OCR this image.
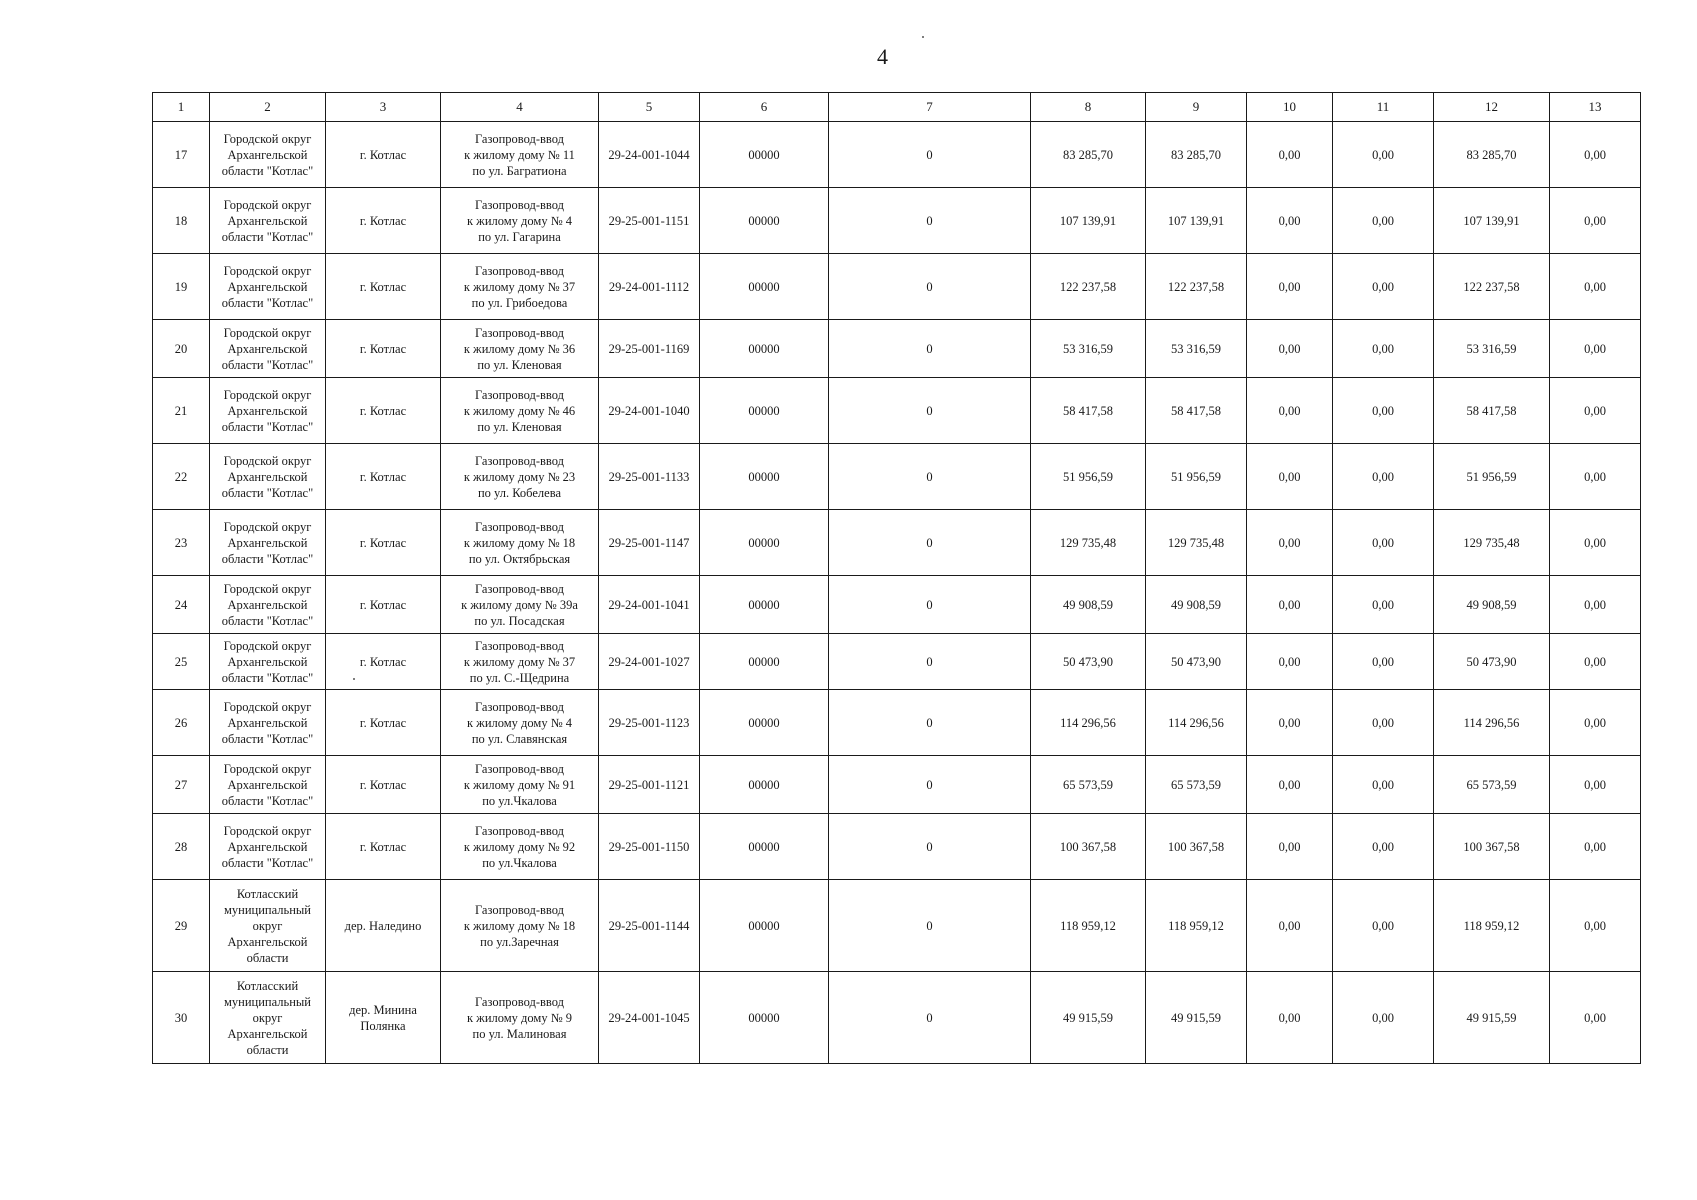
4
1	2	3	4	5	6	7	8	9	10	11	12	13

17	Городской округ
Архангельской
области "Котлас"	г. Котлас	Газопровод-ввод
к жилому дому № 11
по ул. Багратиона	29-24-001-1044	00000	0	83 285,70	83 285,70	0,00	0,00	83 285,70	0,00

18	Городской округ
Архангельской
области "Котлас"	г. Котлас	Газопровод-ввод
к жилому дому № 4
по ул. Гагарина	29-25-001-1151	00000	0	107 139,91	107 139,91	0,00	0,00	107 139,91	0,00

19	Городской округ
Архангельской
области "Котлас"	г. Котлас	Газопровод-ввод
к жилому дому № 37
по ул. Грибоедова	29-24-001-1112	00000	0	122 237,58	122 237,58	0,00	0,00	122 237,58	0,00

20	Городской округ
Архангельской
области "Котлас"	г. Котлас	Газопровод-ввод
к жилому дому № 36
по ул. Кленовая	29-25-001-1169	00000	0	53 316,59	53 316,59	0,00	0,00	53 316,59	0,00

21	Городской округ
Архангельской
области "Котлас"	г. Котлас	Газопровод-ввод
к жилому дому № 46
по ул. Кленовая	29-24-001-1040	00000	0	58 417,58	58 417,58	0,00	0,00	58 417,58	0,00

22	Городской округ
Архангельской
области "Котлас"	г. Котлас	Газопровод-ввод
к жилому дому № 23
по ул. Кобелева	29-25-001-1133	00000	0	51 956,59	51 956,59	0,00	0,00	51 956,59	0,00

23	Городской округ
Архангельской
области "Котлас"	г. Котлас	Газопровод-ввод
к жилому дому № 18
по ул. Октябрьская	29-25-001-1147	00000	0	129 735,48	129 735,48	0,00	0,00	129 735,48	0,00

24	Городской округ
Архангельской
области "Котлас"	г. Котлас	Газопровод-ввод
к жилому дому № 39а
по ул. Посадская	29-24-001-1041	00000	0	49 908,59	49 908,59	0,00	0,00	49 908,59	0,00

25	Городской округ
Архангельской
области "Котлас"	г. Котлас	Газопровод-ввод
к жилому дому № 37
по ул. С.-Щедрина	29-24-001-1027	00000	0	50 473,90	50 473,90	0,00	0,00	50 473,90	0,00

26	Городской округ
Архангельской
области "Котлас"	г. Котлас	Газопровод-ввод
к жилому дому № 4
по ул. Славянская	29-25-001-1123	00000	0	114 296,56	114 296,56	0,00	0,00	114 296,56	0,00

27	Городской округ
Архангельской
области "Котлас"	г. Котлас	Газопровод-ввод
к жилому дому № 91
по ул.Чкалова	29-25-001-1121	00000	0	65 573,59	65 573,59	0,00	0,00	65 573,59	0,00

28	Городской округ
Архангельской
области "Котлас"	г. Котлас	Газопровод-ввод
к жилому дому № 92
по ул.Чкалова	29-25-001-1150	00000	0	100 367,58	100 367,58	0,00	0,00	100 367,58	0,00

29	Котласский
муниципальный
округ
Архангельской
области	дер. Наледино	Газопровод-ввод
к жилому дому № 18
по ул.Заречная	29-25-001-1144	00000	0	118 959,12	118 959,12	0,00	0,00	118 959,12	0,00

30	Котласский
муниципальный
округ
Архангельской
области	дер. Минина
Полянка	Газопровод-ввод
к жилому дому № 9
по ул. Малиновая	29-24-001-1045	00000	0	49 915,59	49 915,59	0,00	0,00	49 915,59	0,00
